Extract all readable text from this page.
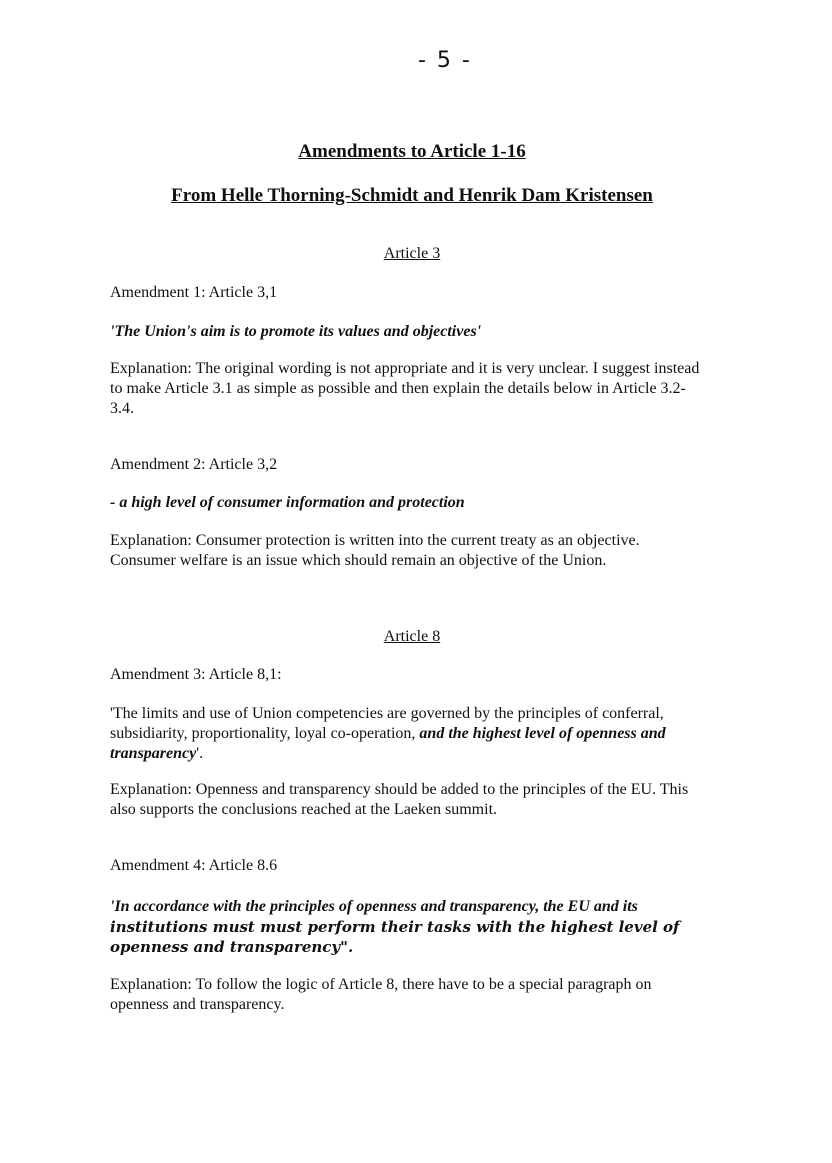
- 5 -
Amendments to Article 1-16
From Helle Thorning-Schmidt and Henrik Dam Kristensen
Article 3
Amendment 1: Article 3,1
'The Union's aim is to promote its values and objectives'
Explanation: The original wording is not appropriate and it is very unclear. I suggest instead to make Article 3.1 as simple as possible and then explain the details below in Article 3.2-3.4.
Amendment 2: Article 3,2
- a high level of consumer information and protection
Explanation: Consumer protection is written into the current treaty as an objective. Consumer welfare is an issue which should remain an objective of the Union.
Article 8
Amendment 3: Article 8,1:
'The limits and use of Union competencies are governed by the principles of conferral, subsidiarity, proportionality, loyal co-operation, and the highest level of openness and transparency'.
Explanation: Openness and transparency should be added to the principles of the EU. This also supports the conclusions reached at the Laeken summit.
Amendment 4: Article 8.6
'In accordance with the principles of openness and transparency, the EU and its
institutions must must perform their tasks with the highest level of openness and transparency".
Explanation: To follow the logic of Article 8, there have to be a special paragraph on openness and transparency.
